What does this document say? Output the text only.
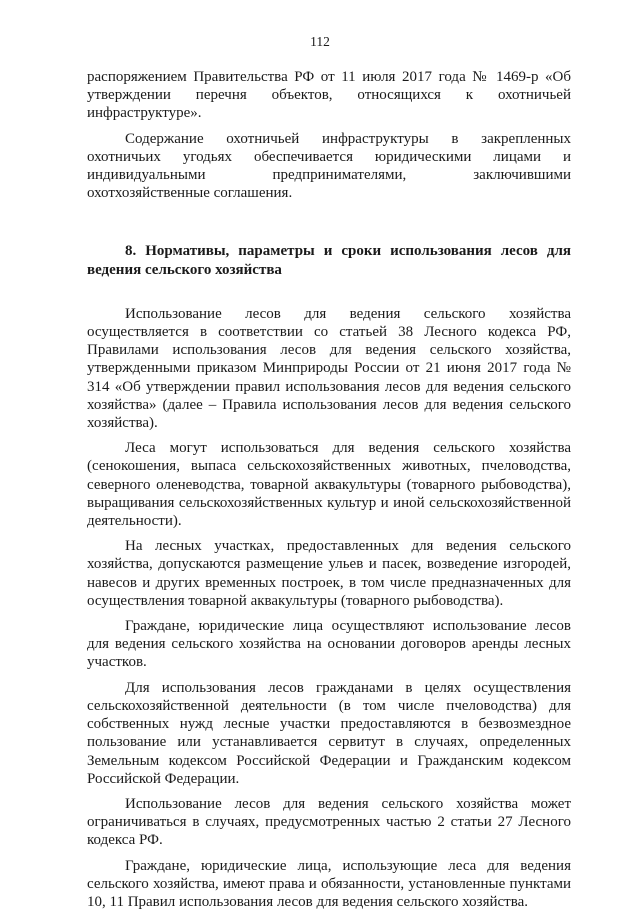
112

распоряжением Правительства РФ от 11 июля 2017 года № 1469-р «Об утверждении перечня объектов, относящихся к охотничьей инфраструктуре».

Содержание охотничьей инфраструктуры в закрепленных охотничьих угодьях обеспечивается юридическими лицами и индивидуальными предпринимателями, заключившими охотхозяйственные соглашения.

8. Нормативы, параметры и сроки использования лесов для ведения сельского хозяйства

Использование лесов для ведения сельского хозяйства осуществляется в соответствии со статьей 38 Лесного кодекса РФ, Правилами использования лесов для ведения сельского хозяйства, утвержденными приказом Минприроды России от 21 июня 2017 года № 314 «Об утверждении правил использования лесов для ведения сельского хозяйства» (далее – Правила использования лесов для ведения сельского хозяйства).

Леса могут использоваться для ведения сельского хозяйства (сенокошения, выпаса сельскохозяйственных животных, пчеловодства, северного оленеводства, товарной аквакультуры (товарного рыбоводства), выращивания сельскохозяйственных культур и иной сельскохозяйственной деятельности).

На лесных участках, предоставленных для ведения сельского хозяйства, допускаются размещение ульев и пасек, возведение изгородей, навесов и других временных построек, в том числе предназначенных для осуществления товарной аквакультуры (товарного рыбоводства).

Граждане, юридические лица осуществляют использование лесов для ведения сельского хозяйства на основании договоров аренды лесных участков.

Для использования лесов гражданами в целях осуществления сельскохозяйственной деятельности (в том числе пчеловодства) для собственных нужд лесные участки предоставляются в безвозмездное пользование или устанавливается сервитут в случаях, определенных Земельным кодексом Российской Федерации и Гражданским кодексом Российской Федерации.

Использование лесов для ведения сельского хозяйства может ограничиваться в случаях, предусмотренных частью 2 статьи 27 Лесного кодекса РФ.

Граждане, юридические лица, использующие леса для ведения сельского хозяйства, имеют права и обязанности, установленные пунктами 10, 11 Правил использования лесов для ведения сельского хозяйства.
